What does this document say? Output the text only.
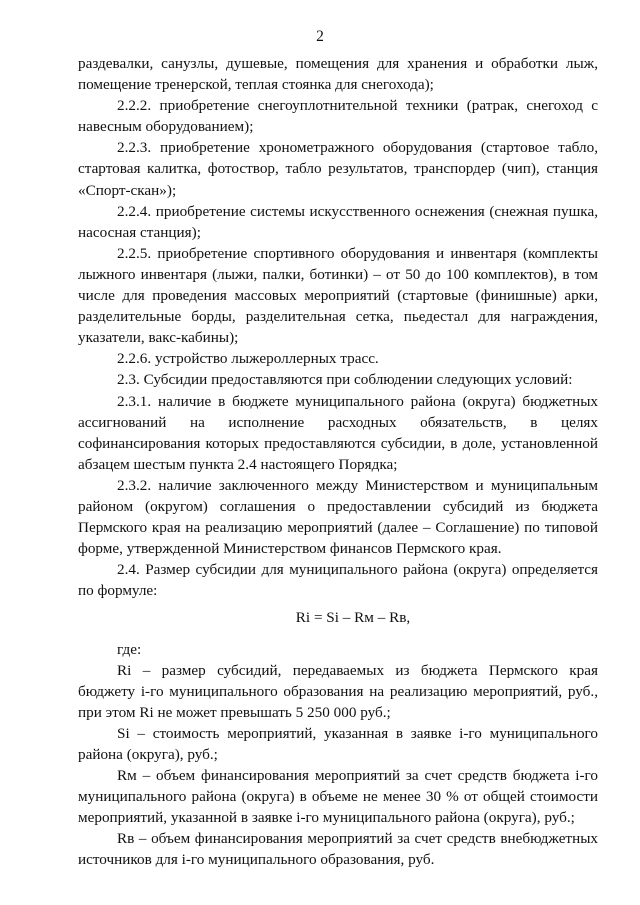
2

раздевалки, санузлы, душевые, помещения для хранения и обработки лыж, помещение тренерской, теплая стоянка для снегохода);

2.2.2. приобретение снегоуплотнительной техники (ратрак, снегоход с навесным оборудованием);

2.2.3. приобретение хронометражного оборудования (стартовое табло, стартовая калитка, фотоствор, табло результатов, транспордер (чип), станция «Спорт-скан»);

2.2.4. приобретение системы искусственного оснежения (снежная пушка, насосная станция);

2.2.5. приобретение спортивного оборудования и инвентаря (комплекты лыжного инвентаря (лыжи, палки, ботинки) – от 50 до 100 комплектов), в том числе для проведения массовых мероприятий (стартовые (финишные) арки, разделительные борды, разделительная сетка, пьедестал для награждения, указатели, вакс-кабины);

2.2.6. устройство лыжероллерных трасс.

2.3. Субсидии предоставляются при соблюдении следующих условий:

2.3.1. наличие в бюджете муниципального района (округа) бюджетных ассигнований на исполнение расходных обязательств, в целях софинансирования которых предоставляются субсидии, в доле, установленной абзацем шестым пункта 2.4 настоящего Порядка;

2.3.2. наличие заключенного между Министерством и муниципальным районом (округом) соглашения о предоставлении субсидий из бюджета Пермского края на реализацию мероприятий (далее – Соглашение) по типовой форме, утвержденной Министерством финансов Пермского края.

2.4. Размер субсидии для муниципального района (округа) определяется по формуле:

Ri = Si – Rм – Rв,

где:

Ri – размер субсидий, передаваемых из бюджета Пермского края бюджету i-го муниципального образования на реализацию мероприятий, руб., при этом Ri не может превышать 5 250 000 руб.;

Si – стоимость мероприятий, указанная в заявке i-го муниципального района (округа), руб.;

Rм – объем финансирования мероприятий за счет средств бюджета i-го муниципального района (округа) в объеме не менее 30 % от общей стоимости мероприятий, указанной в заявке i-го муниципального района (округа), руб.;

Rв – объем финансирования мероприятий за счет средств внебюджетных источников для i-го муниципального образования, руб.
